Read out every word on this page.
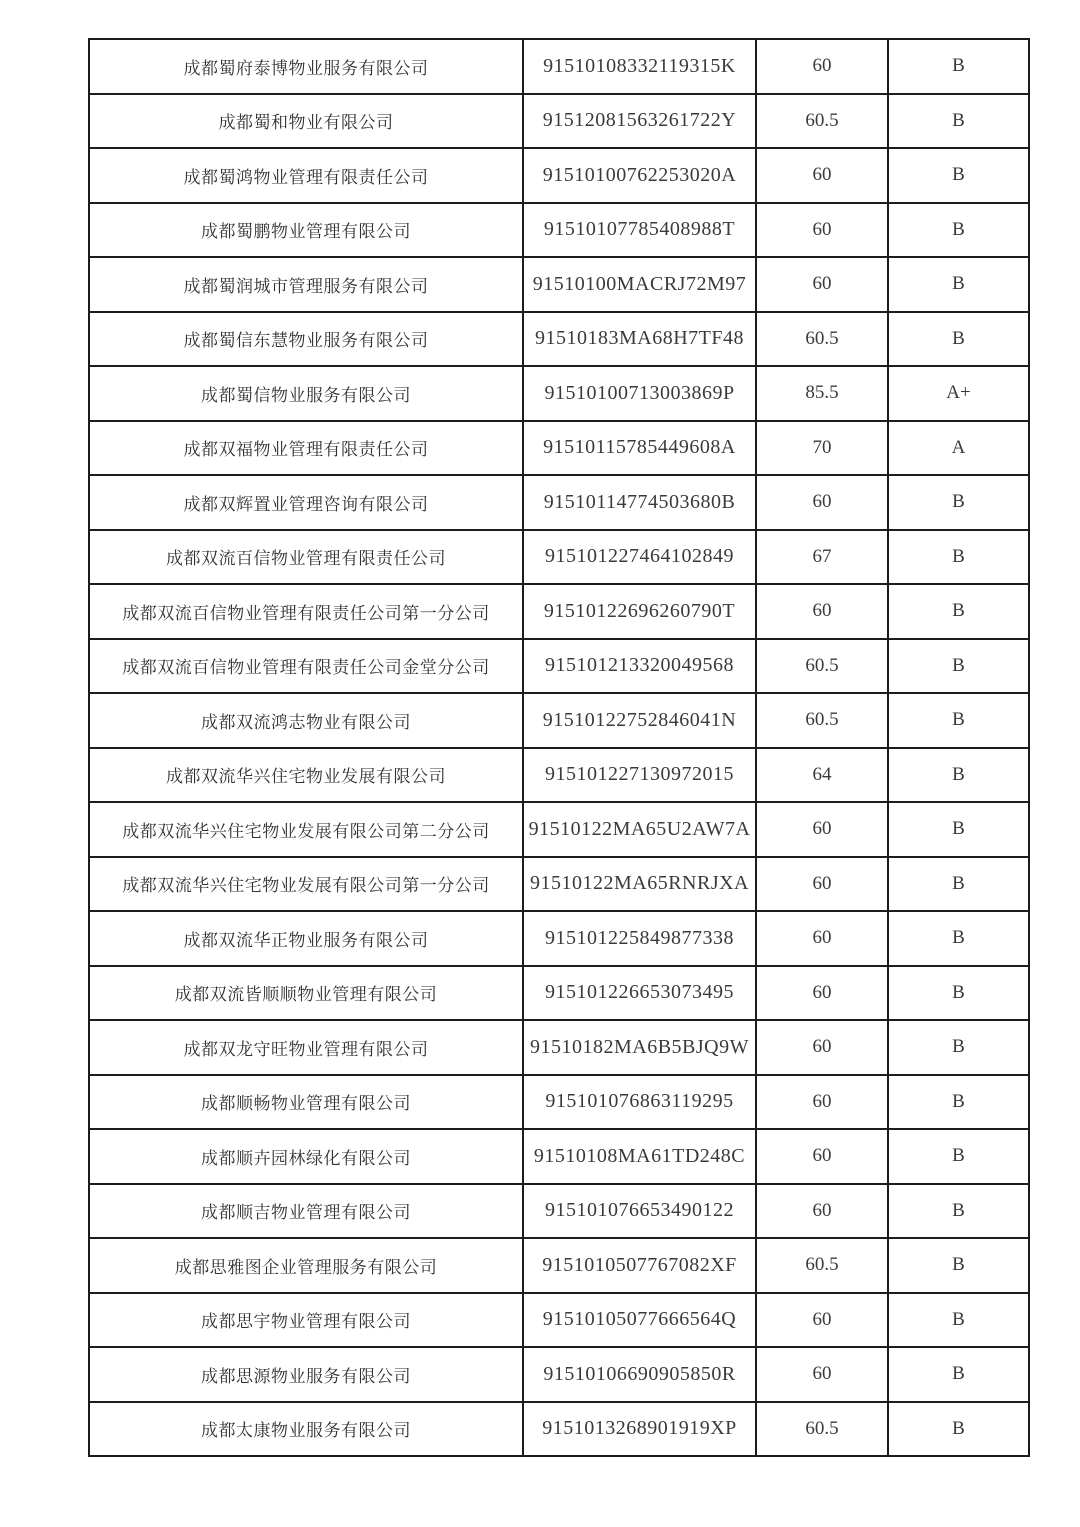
成都蜀府泰博物业服务有限公司	91510108332119315K	60	B
成都蜀和物业有限公司	91512081563261722Y	60.5	B
成都蜀鸿物业管理有限责任公司	91510100762253020A	60	B
成都蜀鹏物业管理有限公司	91510107785408988T	60	B
成都蜀润城市管理服务有限公司	91510100MACRJ72M97	60	B
成都蜀信东慧物业服务有限公司	91510183MA68H7TF48	60.5	B
成都蜀信物业服务有限公司	91510100713003869P	85.5	A+
成都双福物业管理有限责任公司	91510115785449608A	70	A
成都双辉置业管理咨询有限公司	91510114774503680B	60	B
成都双流百信物业管理有限责任公司	915101227464102849	67	B
成都双流百信物业管理有限责任公司第一分公司	91510122696260790T	60	B
成都双流百信物业管理有限责任公司金堂分公司	915101213320049568	60.5	B
成都双流鸿志物业有限公司	91510122752846041N	60.5	B
成都双流华兴住宅物业发展有限公司	915101227130972015	64	B
成都双流华兴住宅物业发展有限公司第二分公司	91510122MA65U2AW7A	60	B
成都双流华兴住宅物业发展有限公司第一分公司	91510122MA65RNRJXA	60	B
成都双流华正物业服务有限公司	915101225849877338	60	B
成都双流皆顺顺物业管理有限公司	915101226653073495	60	B
成都双龙守旺物业管理有限公司	91510182MA6B5BJQ9W	60	B
成都顺畅物业管理有限公司	915101076863119295	60	B
成都顺卉园林绿化有限公司	91510108MA61TD248C	60	B
成都顺吉物业管理有限公司	915101076653490122	60	B
成都思雅图企业管理服务有限公司	9151010507767082XF	60.5	B
成都思宇物业管理有限公司	91510105077666564Q	60	B
成都思源物业服务有限公司	91510106690905850R	60	B
成都太康物业服务有限公司	9151013268901919XP	60.5	B
